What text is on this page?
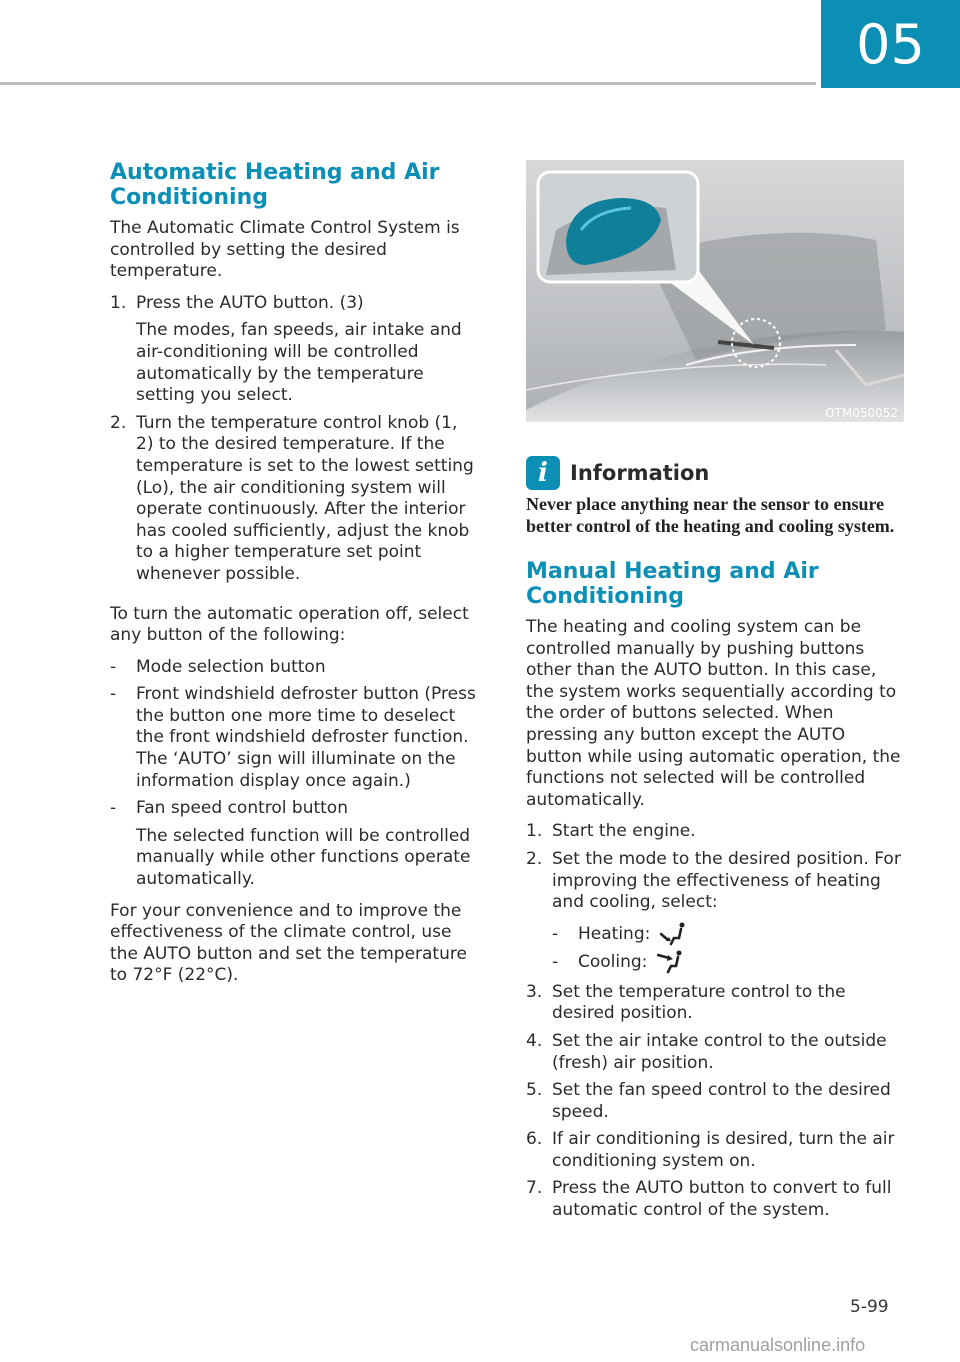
05
Automatic Heating and Air Conditioning

The Automatic Climate Control System is controlled by setting the desired temperature.

1. Press the AUTO button. (3)
The modes, fan speeds, air intake and air-conditioning will be controlled automatically by the temperature setting you select.
2. Turn the temperature control knob (1, 2) to the desired temperature. If the temperature is set to the lowest setting (Lo), the air conditioning system will operate continuously. After the interior has cooled sufficiently, adjust the knob to a higher temperature set point whenever possible.

To turn the automatic operation off, select any button of the following:

- Mode selection button
- Front windshield defroster button (Press the button one more time to deselect the front windshield defroster function. The ‘AUTO’ sign will illuminate on the information display once again.)
- Fan speed control button
The selected function will be controlled manually while other functions operate automatically.

For your convenience and to improve the effectiveness of the climate control, use the AUTO button and set the temperature to 72°F (22°C).

OTM050052
i	Information

Never place anything near the sensor to ensure better control of the heating and cooling system.

Manual Heating and Air Conditioning

The heating and cooling system can be controlled manually by pushing buttons other than the AUTO button. In this case, the system works sequentially according to the order of buttons selected. When pressing any button except the AUTO button while using automatic operation, the functions not selected will be controlled automatically.

1. Start the engine.
2. Set the mode to the desired position. For improving the effectiveness of heating and cooling, select:
- Heating:
- Cooling:
3. Set the temperature control to the desired position.
4. Set the air intake control to the outside (fresh) air position.
5. Set the fan speed control to the desired speed.
6. If air conditioning is desired, turn the air conditioning system on.
7. Press the AUTO button to convert to full automatic control of the system.
5-99
carmanualsonline.info
